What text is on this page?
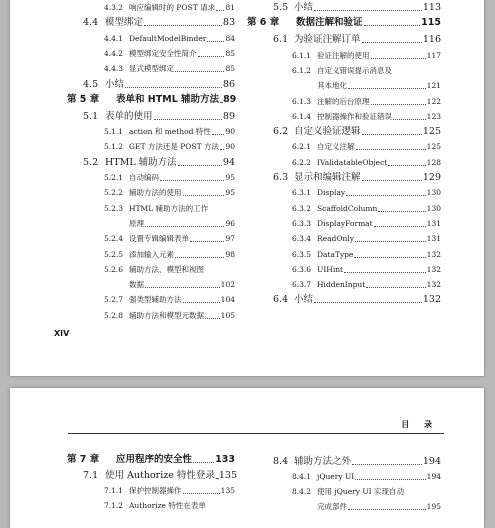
4.3.2 响应编辑时的 POST 请求 81
4.4 模型绑定	83
4.4.1 DefaultModelBinder	84
4.4.2 模型绑定安全性简介	85
4.4.3 显式模型绑定	85
4.5 小结	86
第 5 章 表单和 HTML 辅助方法 89
5.1 表单的使用	89
5.1.1 action 和 method 特性 90
5.1.2 GET 方法还是 POST 方法 90
5.2 HTML 辅助方法	94
5.2.1 自动编码	95
5.2.2 辅助方法的使用	95
5.2.3 HTML 辅助方法的工作
原理	96
5.2.4 设置专辑编辑表单	97
5.2.5 添加输入元素	98
5.2.6 辅助方法、模型和视图
数据	102
5.2.7 强类型辅助方法	104
5.2.8 辅助方法和模型元数据 105
5.5 小结	113
第 6 章 数据注解和验证	115
6.1 为验证注解订单	116
6.1.1 验证注解的使用	117
6.1.2 自定义错误提示消息及
其本地化	121
6.1.3 注解的后台原理	122
6.1.4 控制器操作和验证错误	123
6.2 自定义验证逻辑	125
6.2.1 自定义注解	125
6.2.2 IValidatableObject	128
6.3 显示和编辑注解	129
6.3.1 Display	130
6.3.2 ScaffoldColumn	130
6.3.3 DisplayFormat	131
6.3.4 ReadOnly	131
6.3.5 DataType	132
6.3.6 UIHint	132
6.3.7 HiddenInput	132
6.4 小结	132
XIV
目 录
第 7 章 应用程序的安全性 133
7.1 使用 Authorize 特性登录 135
7.1.1 保护控制器操作	135
7.1.2 Authorize 特性在表单
8.4 辅助方法之外	194
8.4.1 jQuery UI	194
8.4.2 使用 jQuery UI 实现自动
完成部件	195
